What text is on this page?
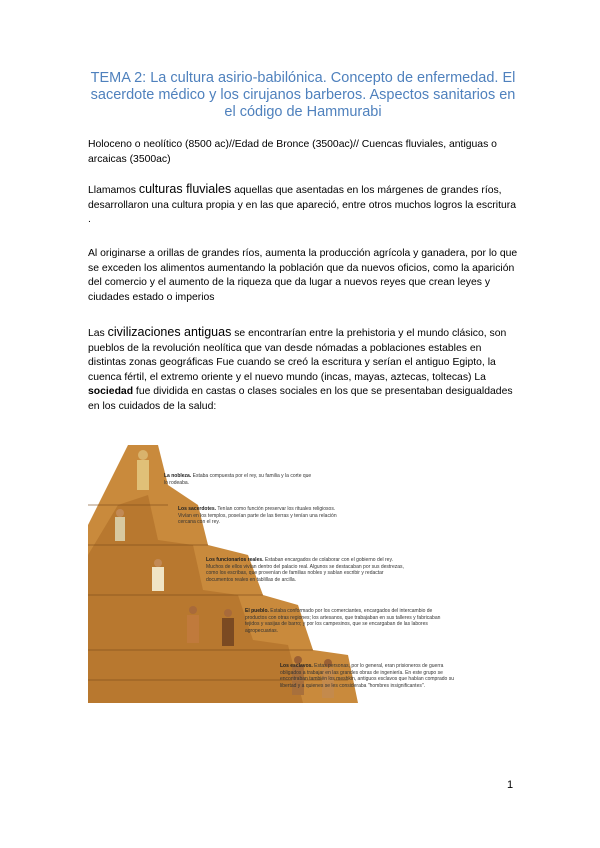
TEMA 2: La cultura asirio-babilónica. Concepto de enfermedad. El sacerdote médico y los cirujanos barberos. Aspectos sanitarios en el código de Hammurabi
Holoceno o neolítico (8500 ac)//Edad de Bronce (3500ac)// Cuencas fluviales, antiguas o arcaicas (3500ac)
Llamamos culturas fluviales aquellas que asentadas en los márgenes de grandes ríos, desarrollaron una cultura propia y en las que apareció, entre otros muchos logros la escritura .
Al originarse a orillas de grandes ríos, aumenta la producción agrícola y ganadera, por lo que se exceden los alimentos aumentando la población que da nuevos oficios, como la aparición del comercio y el aumento de la riqueza que da lugar a nuevos reyes que crean leyes y ciudades estado o imperios
Las civilizaciones antiguas se encontrarían entre la prehistoria y el mundo clásico, son pueblos de la revolución neolítica que van desde nómadas a poblaciones estables en distintas zonas geográficas Fue cuando se creó la escritura y serían el antiguo Egipto, la cuenca fértil, el extremo oriente y el nuevo mundo (incas, mayas, aztecas, toltecas) La sociedad fue dividida en castas o clases sociales en los que se presentaban desigualdades en los cuidados de la salud:
La nobleza. Estaba compuesta por el rey, su familia y la corte que lo rodeaba.
Los sacerdotes. Tenían como función preservar los rituales religiosos. Vivían en los templos, poseían parte de las tierras y tenían una relación cercana con el rey.
Los funcionarios reales. Estaban encargados de colaborar con el gobierno del rey. Muchos de ellos vivían dentro del palacio real. Algunos se destacaban por sus destrezas, como los escribas, que provenían de familias nobles y sabían escribir y redactar documentos reales en tablillas de arcilla.
El pueblo. Estaba conformado por los comerciantes, encargados del intercambio de productos con otras regiones; los artesanos, que trabajaban en sus talleres y fabricaban tejidos y vasijas de barro; y por los campesinos, que se encargaban de las labores agropecuarias.
Los esclavos. Estas personas, por lo general, eran prisioneros de guerra obligados a trabajar en las grandes obras de ingeniería. En este grupo se encontraban también los meshkin, antiguos esclavos que habían comprado su libertad y a quienes se les consideraba "hombres insignificantes".
1
